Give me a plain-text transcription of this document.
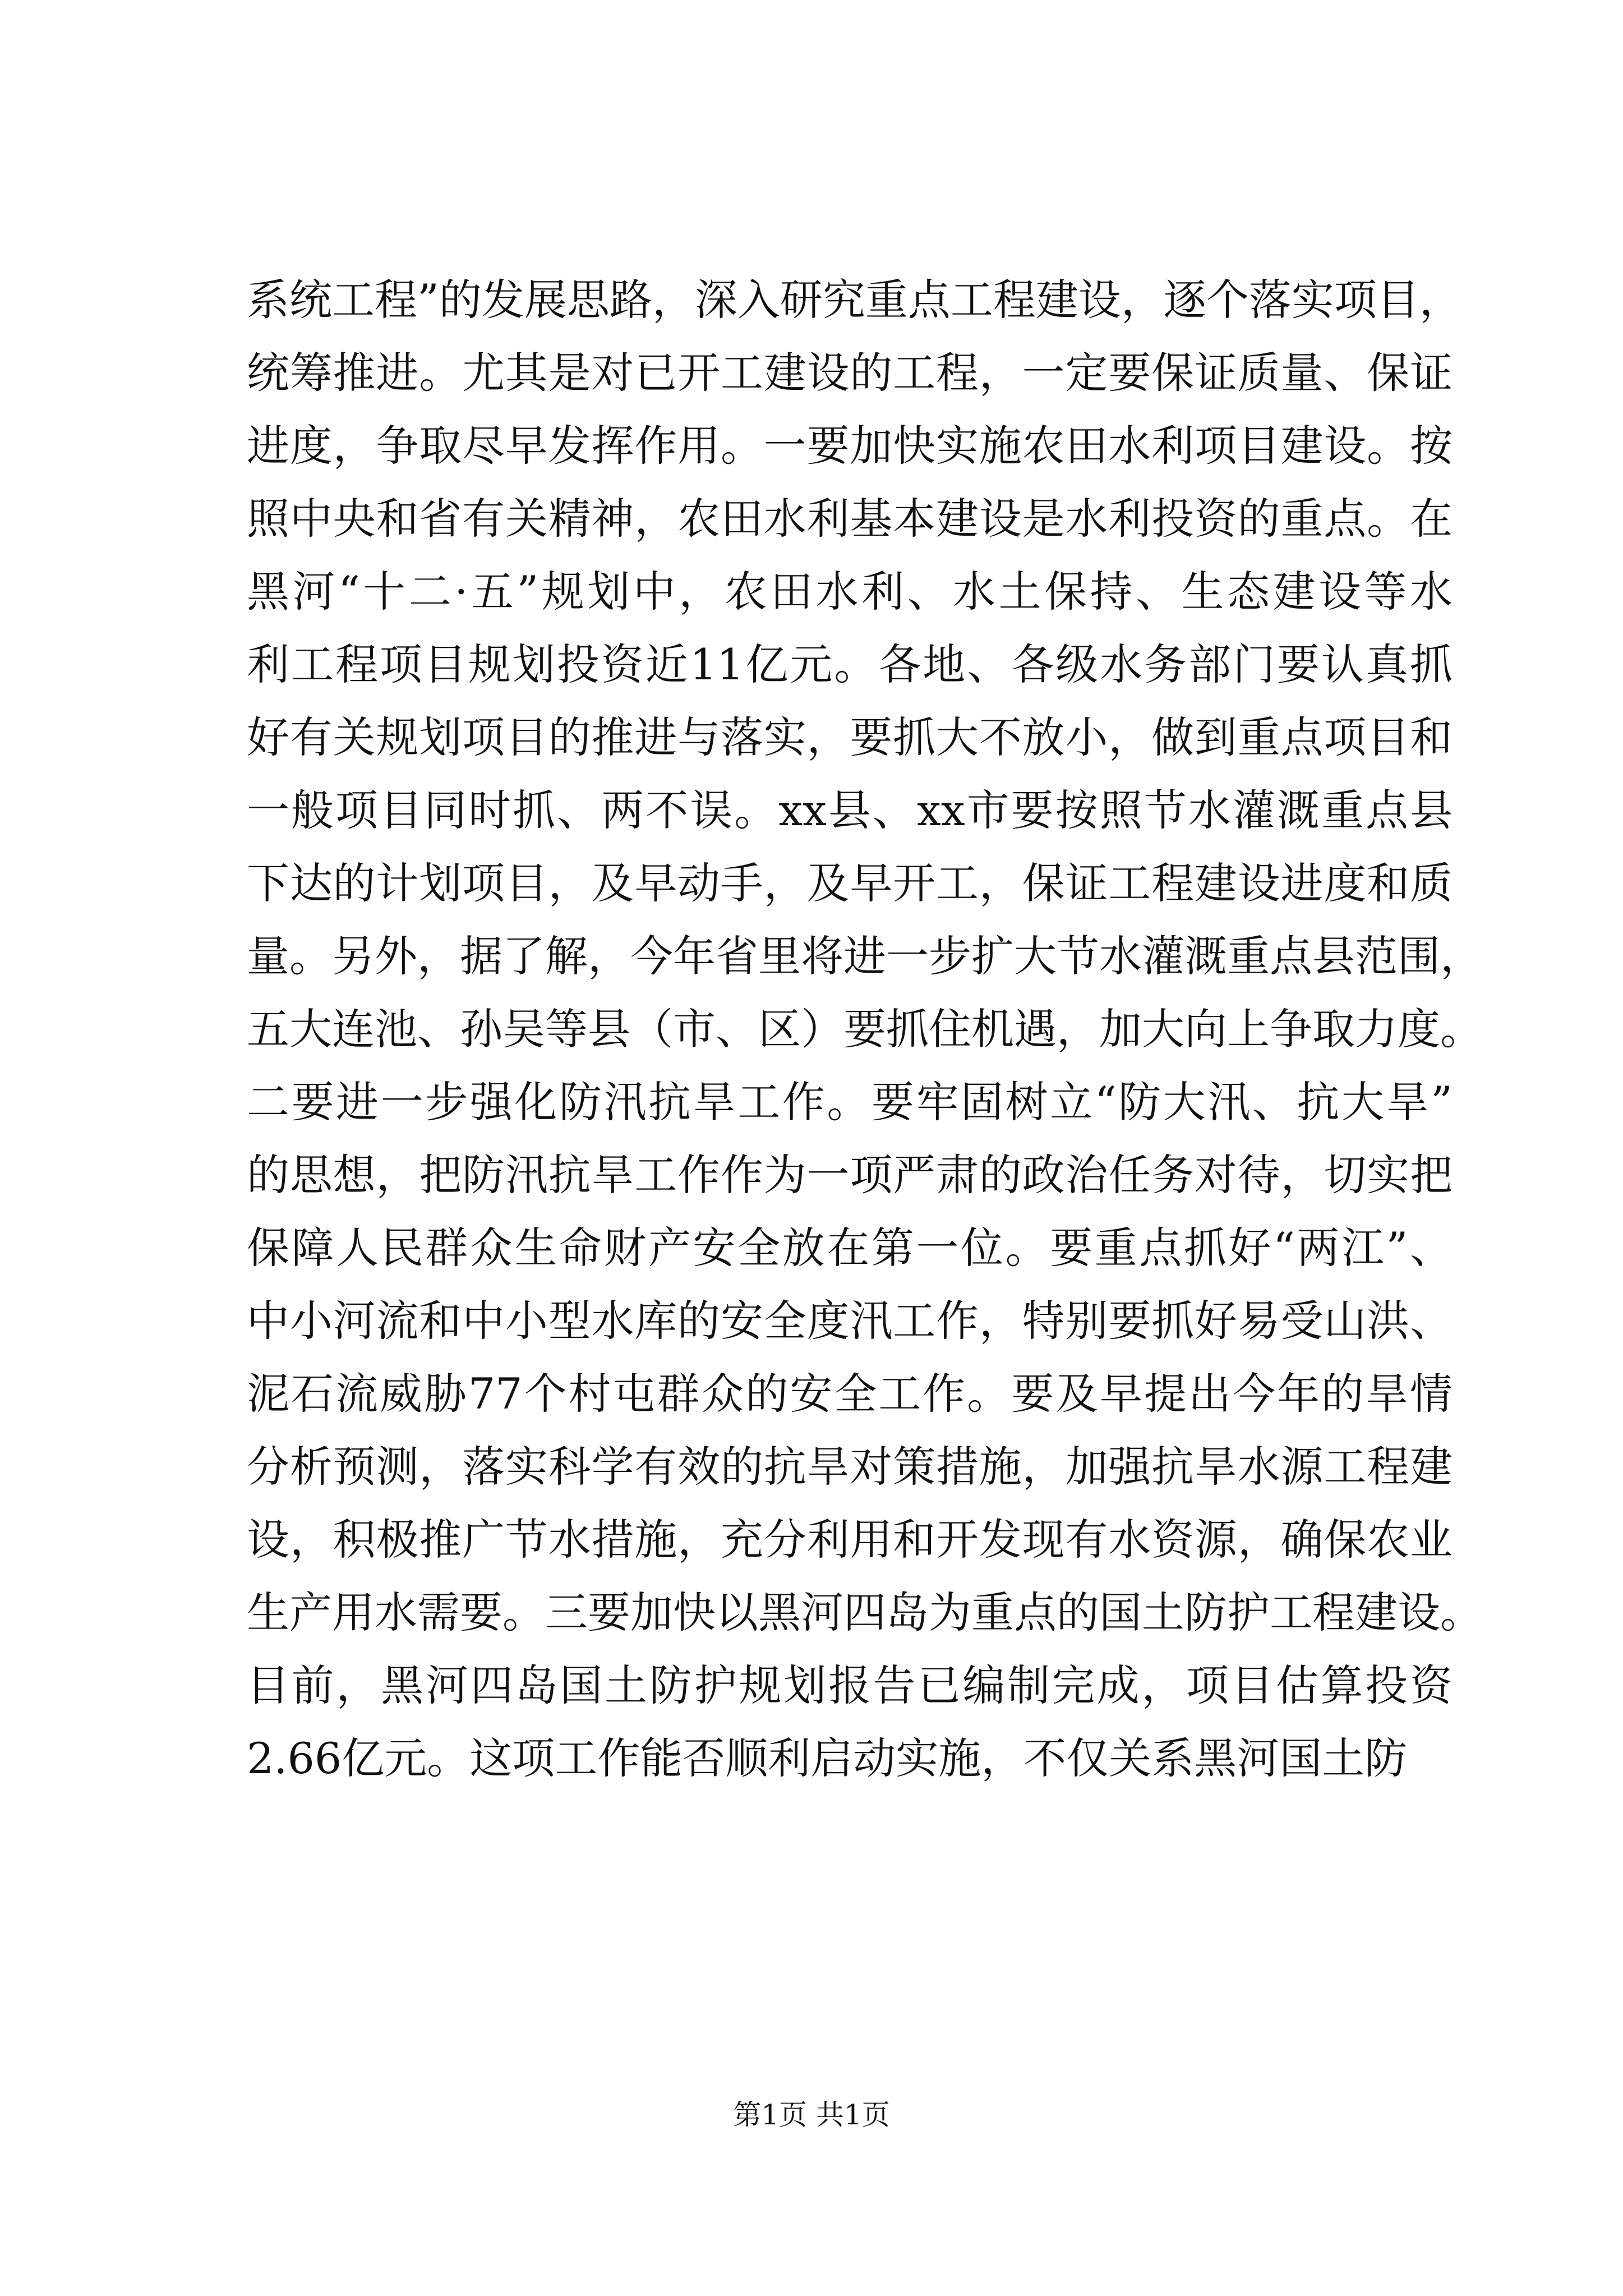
系统工程”的发展思路，深入研究重点工程建设，逐个落实项目，
统筹推进。尤其是对已开工建设的工程，一定要保证质量、保证
进度，争取尽早发挥作用。一要加快实施农田水利项目建设。按
照中央和省有关精神，农田水利基本建设是水利投资的重点。在
黑河“十二·五”规划中，农田水利、水土保持、生态建设等水
利工程项目规划投资近11亿元。各地、各级水务部门要认真抓
好有关规划项目的推进与落实，要抓大不放小，做到重点项目和
一般项目同时抓、两不误。xx县、xx市要按照节水灌溉重点县
下达的计划项目，及早动手，及早开工，保证工程建设进度和质
量。另外，据了解，今年省里将进一步扩大节水灌溉重点县范围，
五大连池、孙吴等县（市、区）要抓住机遇，加大向上争取力度。
二要进一步强化防汛抗旱工作。要牢固树立“防大汛、抗大旱”
的思想，把防汛抗旱工作作为一项严肃的政治任务对待，切实把
保障人民群众生命财产安全放在第一位。要重点抓好“两江”、
中小河流和中小型水库的安全度汛工作，特别要抓好易受山洪、
泥石流威胁77个村屯群众的安全工作。要及早提出今年的旱情
分析预测，落实科学有效的抗旱对策措施，加强抗旱水源工程建
设，积极推广节水措施，充分利用和开发现有水资源，确保农业
生产用水需要。三要加快以黑河四岛为重点的国土防护工程建设。
目前，黑河四岛国土防护规划报告已编制完成，项目估算投资
2.66亿元。这项工作能否顺利启动实施，不仅关系黑河国土防
第1页 共1页
